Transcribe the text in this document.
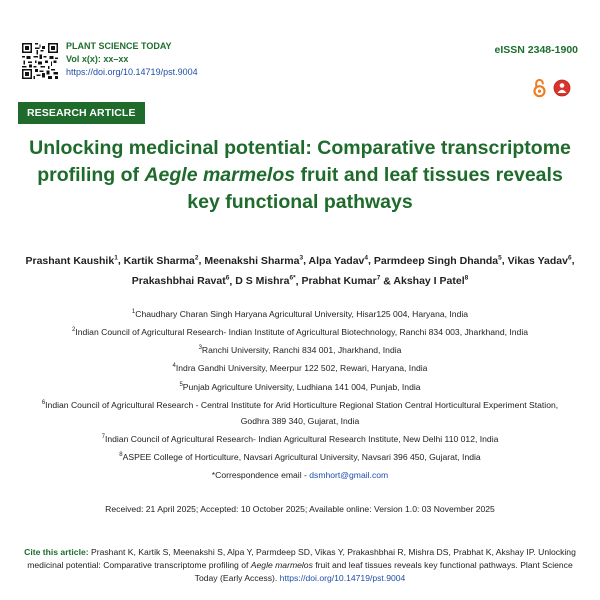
PLANT SCIENCE TODAY
Vol x(x): xx–xx
https://doi.org/10.14719/pst.9004
eISSN 2348-1900
RESEARCH ARTICLE
Unlocking medicinal potential: Comparative transcriptome profiling of Aegle marmelos fruit and leaf tissues reveals key functional pathways
Prashant Kaushik$^1$, Kartik Sharma$^2$, Meenakshi Sharma$^3$, Alpa Yadav$^4$, Parmdeep Singh Dhanda$^5$, Vikas Yadav$^6$, Prakashbhai Ravat$^6$, D S Mishra$^{6*}$, Prabhat Kumar$^7$ & Akshay I Patel$^8$
$^1$Chaudhary Charan Singh Haryana Agricultural University, Hisar125 004, Haryana, India
$^2$Indian Council of Agricultural Research- Indian Institute of Agricultural Biotechnology, Ranchi 834 003, Jharkhand, India
$^3$Ranchi University, Ranchi 834 001, Jharkhand, India
$^4$Indra Gandhi University, Meerpur 122 502, Rewari, Haryana, India
$^5$Punjab Agriculture University, Ludhiana 141 004, Punjab, India
$^6$Indian Council of Agricultural Research - Central Institute for Arid Horticulture Regional Station Central Horticultural Experiment Station, Godhra 389 340, Gujarat, India
$^7$Indian Council of Agricultural Research- Indian Agricultural Research Institute, New Delhi 110 012, India
$^8$ASPEE College of Horticulture, Navsari Agricultural University, Navsari 396 450, Gujarat, India
*Correspondence email - dsmhort@gmail.com
Received: 21 April 2025; Accepted: 10 October 2025; Available online: Version 1.0: 03 November 2025
Cite this article: Prashant K, Kartik S, Meenakshi S, Alpa Y, Parmdeep SD, Vikas Y, Prakashbhai R, Mishra DS, Prabhat K, Akshay IP. Unlocking medicinal potential: Comparative transcriptome profiling of Aegle marmelos fruit and leaf tissues reveals key functional pathways. Plant Science Today (Early Access). https://doi.org/10.14719/pst.9004
